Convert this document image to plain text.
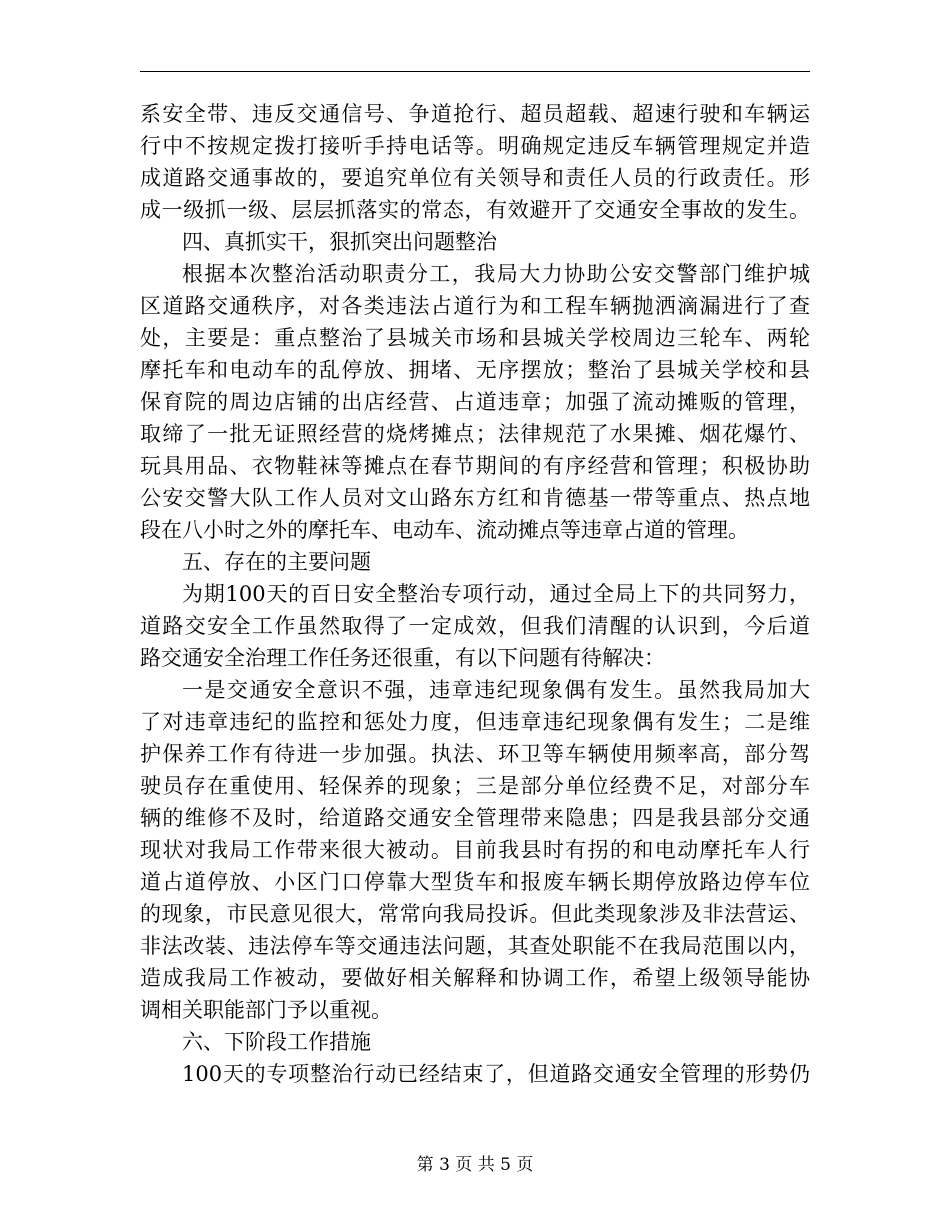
系安全带、违反交通信号、争道抢行、超员超载、超速行驶和车辆运
行中不按规定拨打接听手持电话等。明确规定违反车辆管理规定并造
成道路交通事故的，要追究单位有关领导和责任人员的行政责任。形
成一级抓一级、层层抓落实的常态，有效避开了交通安全事故的发生。
四、真抓实干，狠抓突出问题整治
根据本次整治活动职责分工，我局大力协助公安交警部门维护城
区道路交通秩序，对各类违法占道行为和工程车辆抛洒滴漏进行了查
处，主要是：重点整治了县城关市场和县城关学校周边三轮车、两轮
摩托车和电动车的乱停放、拥堵、无序摆放；整治了县城关学校和县
保育院的周边店铺的出店经营、占道违章；加强了流动摊贩的管理，
取缔了一批无证照经营的烧烤摊点；法律规范了水果摊、烟花爆竹、
玩具用品、衣物鞋袜等摊点在春节期间的有序经营和管理；积极协助
公安交警大队工作人员对文山路东方红和肯德基一带等重点、热点地
段在八小时之外的摩托车、电动车、流动摊点等违章占道的管理。
五、存在的主要问题
为期100天的百日安全整治专项行动，通过全局上下的共同努力，
道路交安全工作虽然取得了一定成效，但我们清醒的认识到，今后道
路交通安全治理工作任务还很重，有以下问题有待解决：
一是交通安全意识不强，违章违纪现象偶有发生。虽然我局加大
了对违章违纪的监控和惩处力度，但违章违纪现象偶有发生；二是维
护保养工作有待进一步加强。执法、环卫等车辆使用频率高，部分驾
驶员存在重使用、轻保养的现象；三是部分单位经费不足，对部分车
辆的维修不及时，给道路交通安全管理带来隐患；四是我县部分交通
现状对我局工作带来很大被动。目前我县时有拐的和电动摩托车人行
道占道停放、小区门口停靠大型货车和报废车辆长期停放路边停车位
的现象，市民意见很大，常常向我局投诉。但此类现象涉及非法营运、
非法改装、违法停车等交通违法问题，其查处职能不在我局范围以内，
造成我局工作被动，要做好相关解释和协调工作，希望上级领导能协
调相关职能部门予以重视。
六、下阶段工作措施
100天的专项整治行动已经结束了，但道路交通安全管理的形势仍
第 3 页 共 5 页
